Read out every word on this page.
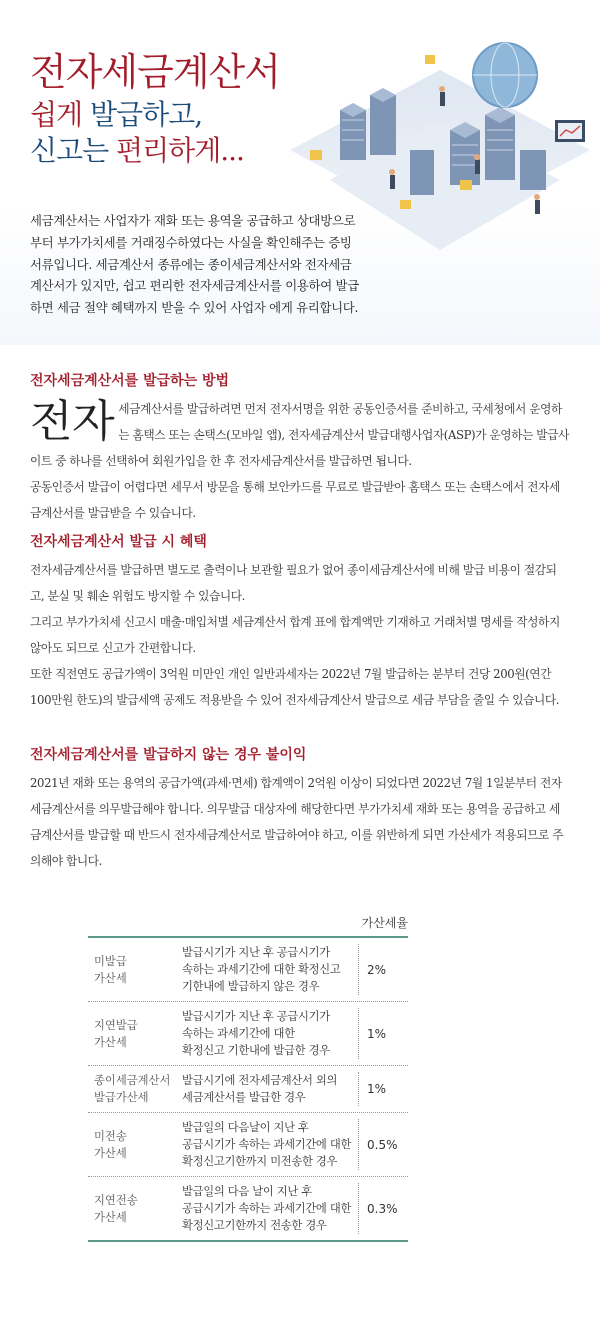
전자세금계산서
쉽게 발급하고,
신고는 편리하게...

세금계산서는 사업자가 재화 또는 용역을 공급하고 상대방으로부터 부가가치세를 거래징수하였다는 사실을 확인해주는 증빙서류입니다. 세금계산서 종류에는 종이세금계산서와 전자세금계산서가 있지만, 쉽고 편리한 전자세금계산서를 이용하여 발급하면 세금 절약 혜택까지 받을 수 있어 사업자 에게 유리합니다.

전자세금계산서를 발급하는 방법

전자 세금계산서를 발급하려면 먼저 전자서명을 위한 공동인증서를 준비하고, 국세청에서 운영하는 홈택스 또는 손택스(모바일 앱), 전자세금계산서 발급대행사업자(ASP)가 운영하는 발급사이트 중 하나를 선택하여 회원가입을 한 후 전자세금계산서를 발급하면 됩니다.

공동인증서 발급이 어렵다면 세무서 방문을 통해 보안카드를 무료로 발급받아 홈택스 또는 손택스에서 전자세금계산서를 발급받을 수 있습니다.

전자세금계산서 발급 시 혜택

전자세금계산서를 발급하면 별도로 출력이나 보관할 필요가 없어 종이세금계산서에 비해 발급 비용이 절감되고, 분실 및 훼손 위험도 방지할 수 있습니다.

그리고 부가가치세 신고시 매출·매입처별 세금계산서 합계 표에 합계액만 기재하고 거래처별 명세를 작성하지 않아도 되므로 신고가 간편합니다.

또한 직전연도 공급가액이 3억원 미만인 개인 일반과세자는 2022년 7월 발급하는 분부터 건당 200원(연간 100만원 한도)의 발급세액 공제도 적용받을 수 있어 전자세금계산서 발급으로 세금 부담을 줄일 수 있습니다.

전자세금계산서를 발급하지 않는 경우 불이익

2021년 재화 또는 용역의 공급가액(과세·면세) 합계액이 2억원 이상이 되었다면 2022년 7월 1일분부터 전자세금계산서를 의무발급해야 합니다. 의무발급 대상자에 해당한다면 부가가치세 재화 또는 용역을 공급하고 세금계산서를 발급할 때 반드시 전자세금계산서로 발급하여야 하고, 이를 위반하게 되면 가산세가 적용되므로 주의해야 합니다.

가산세율
미발급
가산세
발급시기가 지난 후 공급시기가
속하는 과세기간에 대한 확정신고
기한내에 발급하지 않은 경우
2%
지연발급
가산세
발급시기가 지난 후 공급시기가
속하는 과세기간에 대한
확정신고 기한내에 발급한 경우
1%
종이세금계산서
발급가산세
발급시기에 전자세금계산서 외의
세금계산서를 발급한 경우
1%
미전송
가산세
발급일의 다음날이 지난 후
공급시기가 속하는 과세기간에 대한
확정신고기한까지 미전송한 경우
0.5%
지연전송
가산세
발급일의 다음 날이 지난 후
공급시기가 속하는 과세기간에 대한
확정신고기한까지 전송한 경우
0.3%
